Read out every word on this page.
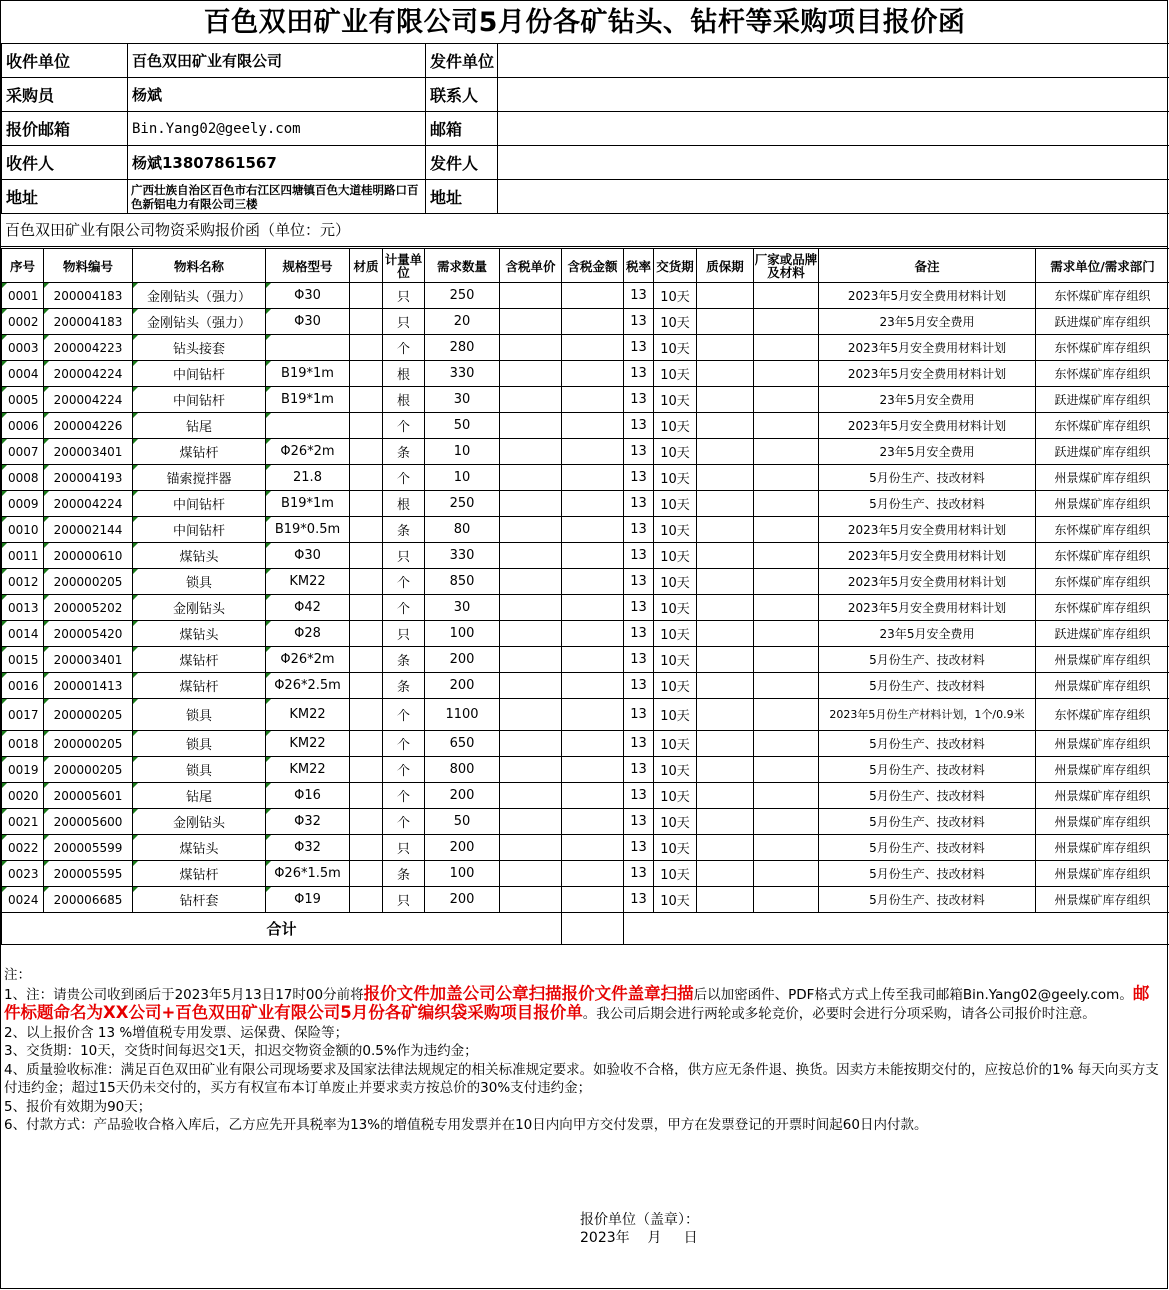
百色双田矿业有限公司5月份各矿钻头、钻杆等采购项目报价函
收件单位	百色双田矿业有限公司	发件单位	
采购员	杨斌	联系人	
报价邮箱	Bin.Yang02@geely.com	邮箱	
收件人	杨斌13807861567	发件人	
地址	广西壮族自治区百色市右江区四塘镇百色大道桂明路口百色新铝电力有限公司三楼	地址	
百色双田矿业有限公司物资采购报价函（单位：元）
序号	物料编号	物料名称	规格型号	材质	计量单位	需求数量	含税单价	含税金额	税率	交货期	质保期	厂家或品牌及材料	备注	需求单位/需求部门
0001	200004183	金刚钻头（强力）	Φ30		只	250			13	10天			2023年5月安全费用材料计划	东怀煤矿库存组织
0002	200004183	金刚钻头（强力）	Φ30		只	20			13	10天			23年5月安全费用	跃进煤矿库存组织
0003	200004223	钻头接套			个	280			13	10天			2023年5月安全费用材料计划	东怀煤矿库存组织
0004	200004224	中间钻杆	B19*1m		根	330			13	10天			2023年5月安全费用材料计划	东怀煤矿库存组织
0005	200004224	中间钻杆	B19*1m		根	30			13	10天			23年5月安全费用	跃进煤矿库存组织
0006	200004226	钻尾			个	50			13	10天			2023年5月安全费用材料计划	东怀煤矿库存组织
0007	200003401	煤钻杆	Φ26*2m		条	10			13	10天			23年5月安全费用	跃进煤矿库存组织
0008	200004193	锚索搅拌器	21.8		个	10			13	10天			5月份生产、技改材料	州景煤矿库存组织
0009	200004224	中间钻杆	B19*1m		根	250			13	10天			5月份生产、技改材料	州景煤矿库存组织
0010	200002144	中间钻杆	B19*0.5m		条	80			13	10天			2023年5月安全费用材料计划	东怀煤矿库存组织
0011	200000610	煤钻头	Φ30		只	330			13	10天			2023年5月安全费用材料计划	东怀煤矿库存组织
0012	200000205	锁具	KM22		个	850			13	10天			2023年5月安全费用材料计划	东怀煤矿库存组织
0013	200005202	金刚钻头	Φ42		个	30			13	10天			2023年5月安全费用材料计划	东怀煤矿库存组织
0014	200005420	煤钻头	Φ28		只	100			13	10天			23年5月安全费用	跃进煤矿库存组织
0015	200003401	煤钻杆	Φ26*2m		条	200			13	10天			5月份生产、技改材料	州景煤矿库存组织
0016	200001413	煤钻杆	Φ26*2.5m		条	200			13	10天			5月份生产、技改材料	州景煤矿库存组织
0017	200000205	锁具	KM22		个	1100			13	10天			2023年5月份生产材料计划，1个/0.9米	东怀煤矿库存组织
0018	200000205	锁具	KM22		个	650			13	10天			5月份生产、技改材料	州景煤矿库存组织
0019	200000205	锁具	KM22		个	800			13	10天			5月份生产、技改材料	州景煤矿库存组织
0020	200005601	钻尾	Φ16		个	200			13	10天			5月份生产、技改材料	州景煤矿库存组织
0021	200005600	金刚钻头	Φ32		个	50			13	10天			5月份生产、技改材料	州景煤矿库存组织
0022	200005599	煤钻头	Φ32		只	200			13	10天			5月份生产、技改材料	州景煤矿库存组织
0023	200005595	煤钻杆	Φ26*1.5m		条	100			13	10天			5月份生产、技改材料	州景煤矿库存组织
0024	200006685	钻杆套	Φ19		只	200			13	10天			5月份生产、技改材料	州景煤矿库存组织
合计														

注：

1、注：请贵公司收到函后于2023年5月13日17时00分前将报价文件加盖公司公章扫描报价文件盖章扫描后以加密函件、PDF格式方式上传至我司邮箱Bin.Yang02@geely.com。邮件标题命名为XX公司+百色双田矿业有限公司5月份各矿编织袋采购项目报价单。我公司后期会进行两轮或多轮竞价，必要时会进行分项采购，请各公司报价时注意。

2、以上报价含 13 %增值税专用发票、运保费、保险等；

3、交货期：10天，交货时间每迟交1天，扣迟交物资金额的0.5%作为违约金；

4、质量验收标准：满足百色双田矿业有限公司现场要求及国家法律法规规定的相关标准规定要求。如验收不合格，供方应无条件退、换货。因卖方未能按期交付的，应按总价的1% 每天向买方支付违约金；超过15天仍未交付的，买方有权宣布本订单废止并要求卖方按总价的30%支付违约金；

5、报价有效期为90天；

6、付款方式：产品验收合格入库后，乙方应先开具税率为13%的增值税专用发票并在10日内向甲方交付发票，甲方在发票登记的开票时间起60日内付款。

报价单位（盖章）：
2023年    月     日
